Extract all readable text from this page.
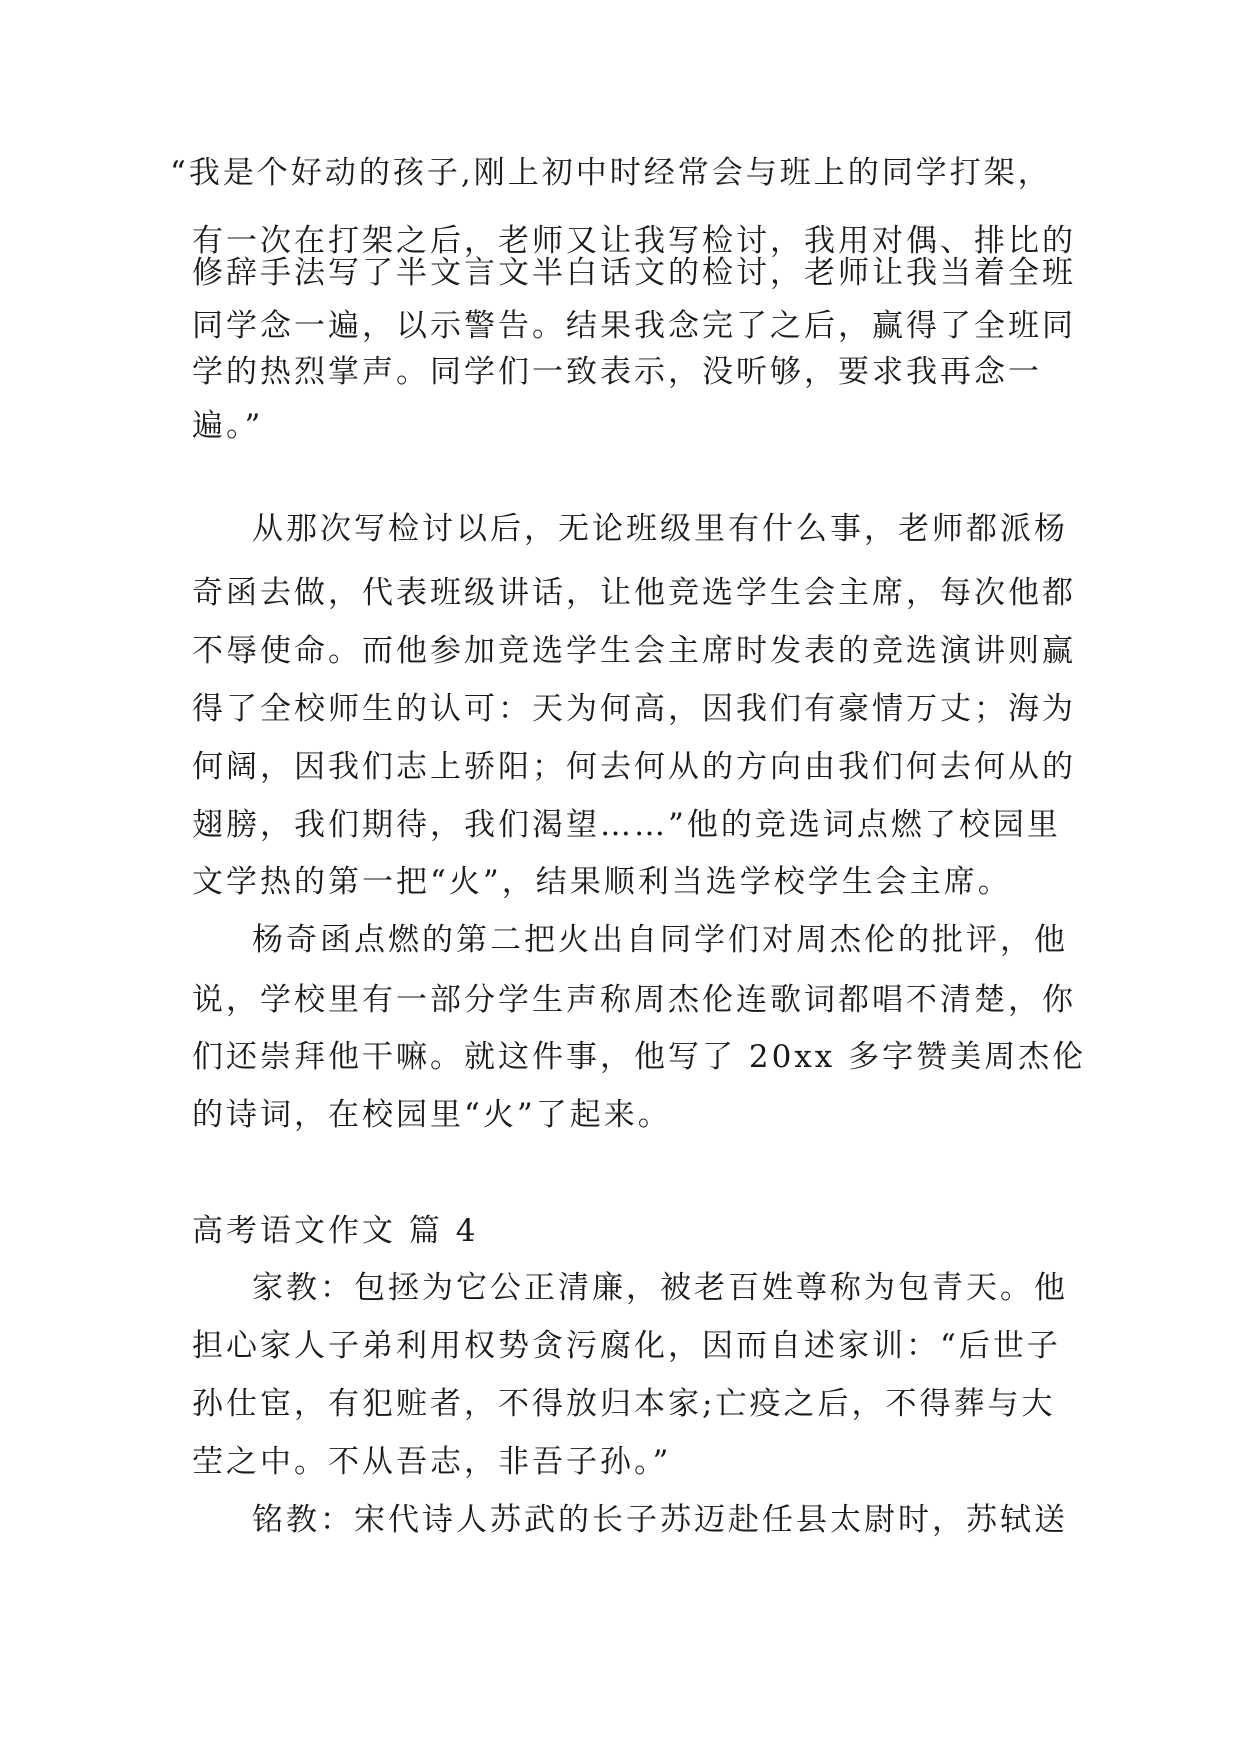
“我是个好动的孩子,刚上初中时经常会与班上的同学打架，
有一次在打架之后，老师又让我写检讨，我用对偶、排比的
修辞手法写了半文言文半白话文的检讨，老师让我当着全班
同学念一遍，以示警告。结果我念完了之后，赢得了全班同
学的热烈掌声。同学们一致表示，没听够，要求我再念一
遍。”
从那次写检讨以后，无论班级里有什么事，老师都派杨
奇函去做，代表班级讲话，让他竞选学生会主席，每次他都
不辱使命。而他参加竞选学生会主席时发表的竞选演讲则赢
得了全校师生的认可：天为何高，因我们有豪情万丈；海为
何阔，因我们志上骄阳；何去何从的方向由我们何去何从的
翅膀，我们期待，我们渴望……”他的竞选词点燃了校园里
文学热的第一把“火”，结果顺利当选学校学生会主席。
杨奇函点燃的第二把火出自同学们对周杰伦的批评，他
说，学校里有一部分学生声称周杰伦连歌词都唱不清楚，你
们还崇拜他干嘛。就这件事，他写了 20xx 多字赞美周杰伦
的诗词，在校园里“火”了起来。
高考语文作文 篇 4
家教：包拯为它公正清廉，被老百姓尊称为包青天。他
担心家人子弟利用权势贪污腐化，因而自述家训：“后世子
孙仕宦，有犯赃者，不得放归本家;亡疫之后，不得葬与大
茔之中。不从吾志，非吾子孙。”
铭教：宋代诗人苏武的长子苏迈赴任县太尉时，苏轼送
